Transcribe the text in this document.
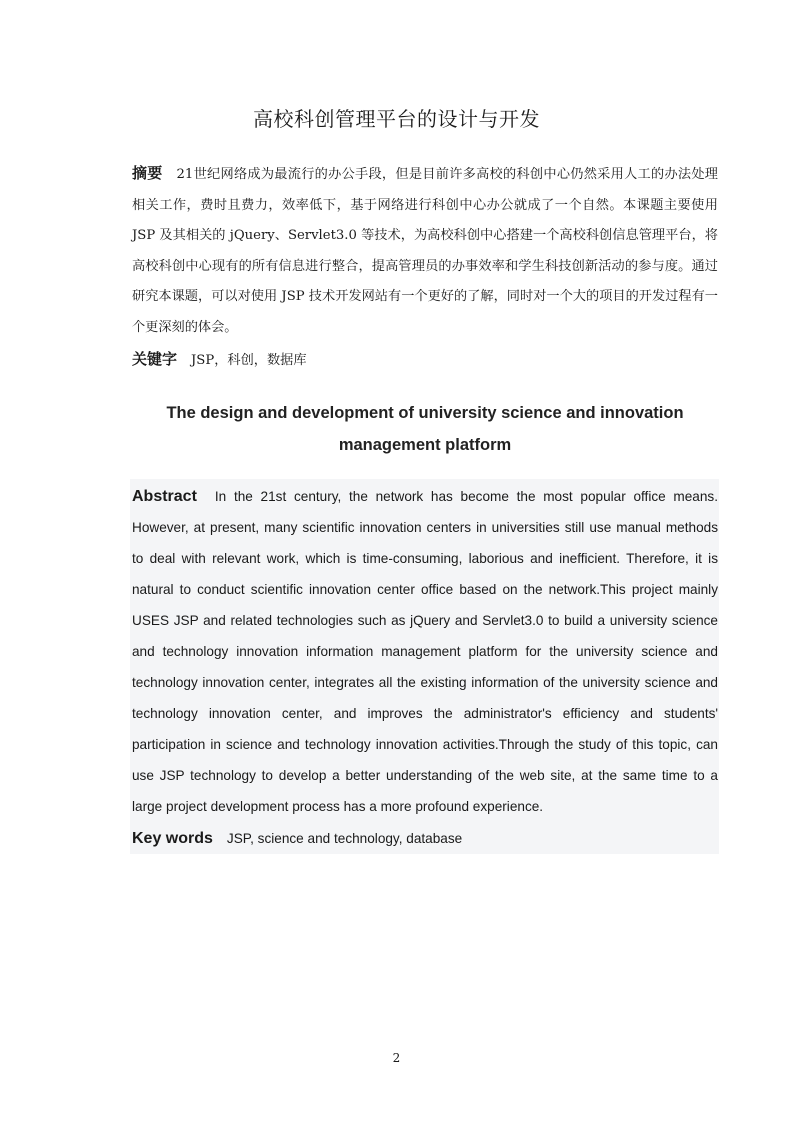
高校科创管理平台的设计与开发

摘要 21世纪网络成为最流行的办公手段，但是目前许多高校的科创中心仍然采用人工的办法处理相关工作，费时且费力，效率低下，基于网络进行科创中心办公就成了一个自然。本课题主要使用 JSP 及其相关的 jQuery、Servlet3.0 等技术，为高校科创中心搭建一个高校科创信息管理平台，将高校科创中心现有的所有信息进行整合，提高管理员的办事效率和学生科技创新活动的参与度。通过研究本课题，可以对使用 JSP 技术开发网站有一个更好的了解，同时对一个大的项目的开发过程有一个更深刻的体会。

关键字 JSP，科创，数据库

The design and development of university science and innovation
management platform

Abstract In the 21st century, the network has become the most popular office means. However, at present, many scientific innovation centers in universities still use manual methods to deal with relevant work, which is time-consuming, laborious and inefficient. Therefore, it is natural to conduct scientific innovation center office based on the network.This project mainly USES JSP and related technologies such as jQuery and Servlet3.0 to build a university science and technology innovation information management platform for the university science and technology innovation center, integrates all the existing information of the university science and technology innovation center, and improves the administrator's efficiency and students' participation in science and technology innovation activities.Through the study of this topic, can use JSP technology to develop a better understanding of the web site, at the same time to a large project development process has a more profound experience.

Key words JSP, science and technology, database

2
